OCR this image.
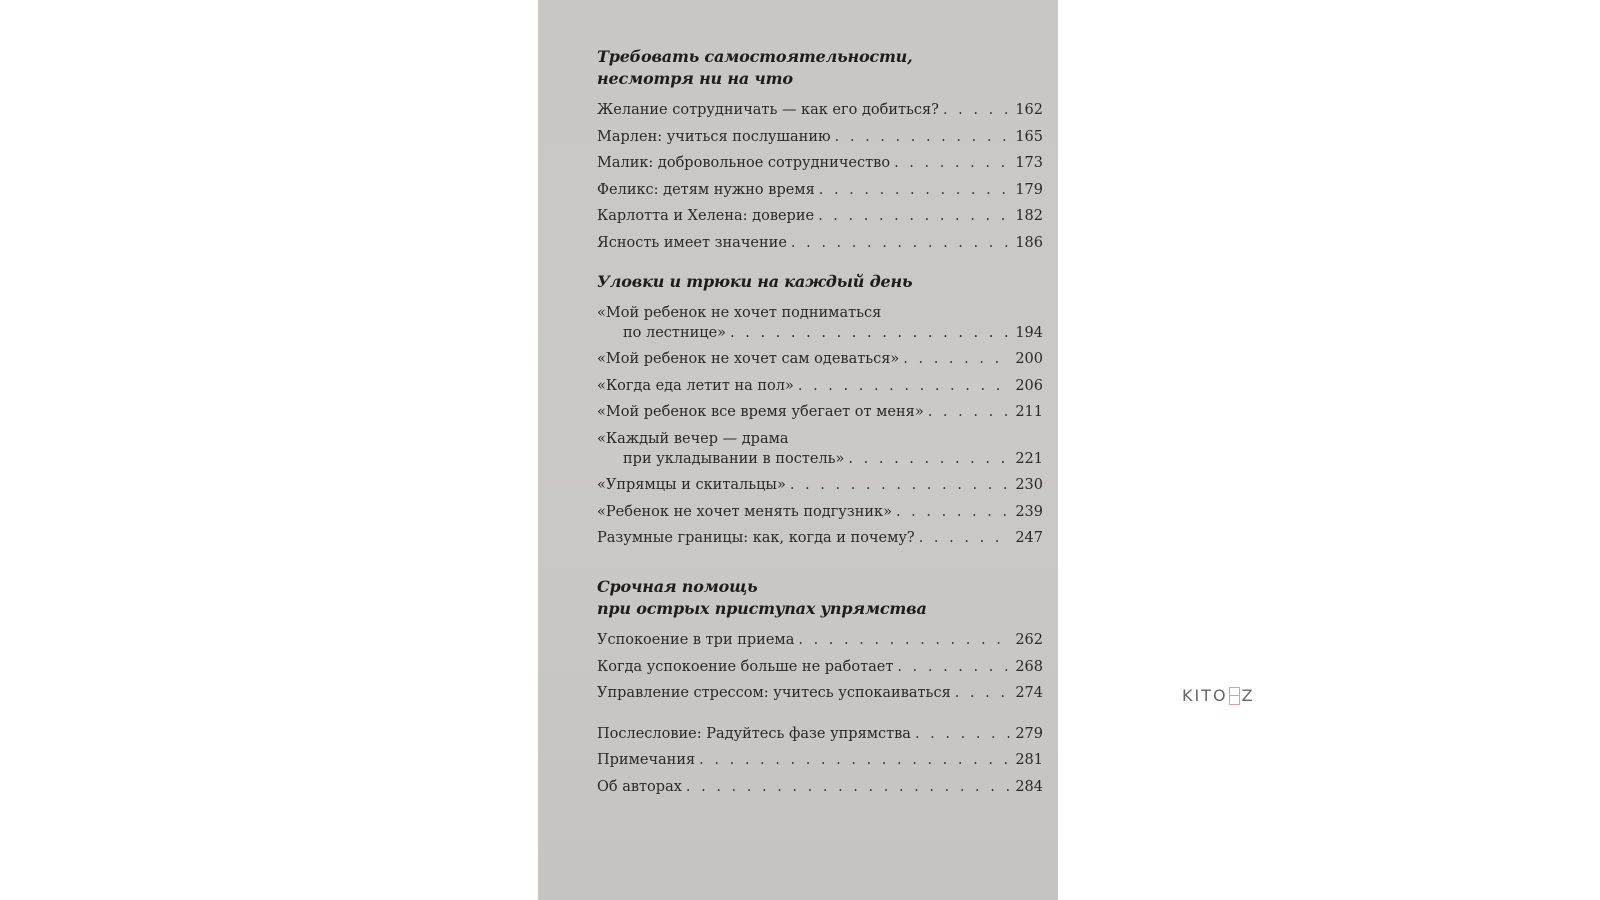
Требовать самостоятельности,
несмотря ни на что
Желание сотрудничать — как его добиться? . . .	162
Марлен: учиться послушанию . . .	165
Малик: добровольное сотрудничество . . .	173
Феликс: детям нужно время . . .	179
Карлотта и Хелена: доверие . . .	182
Ясность имеет значение . . .	186
Уловки и трюки на каждый день
«Мой ребенок не хочет подниматься
по лестнице» . . .	194
«Мой ребенок не хочет сам одеваться» . . .	200
«Когда еда летит на пол» . . .	206
«Мой ребенок все время убегает от меня» . . .	211
«Каждый вечер — драма
при укладывании в постель» . . .	221
«Упрямцы и скитальцы» . . .	230
«Ребенок не хочет менять подгузник» . . .	239
Разумные границы: как, когда и почему? . . .	247
Срочная помощь
при острых приступах упрямства
Успокоение в три приема . . .	262
Когда успокоение больше не работает . . .	268
Управление стрессом: учитесь успокаиваться . . .	274
Послесловие: Радуйтесь фазе упрямства . . .	279
Примечания . . .	281
Об авторах . . .	284
KITO Z
